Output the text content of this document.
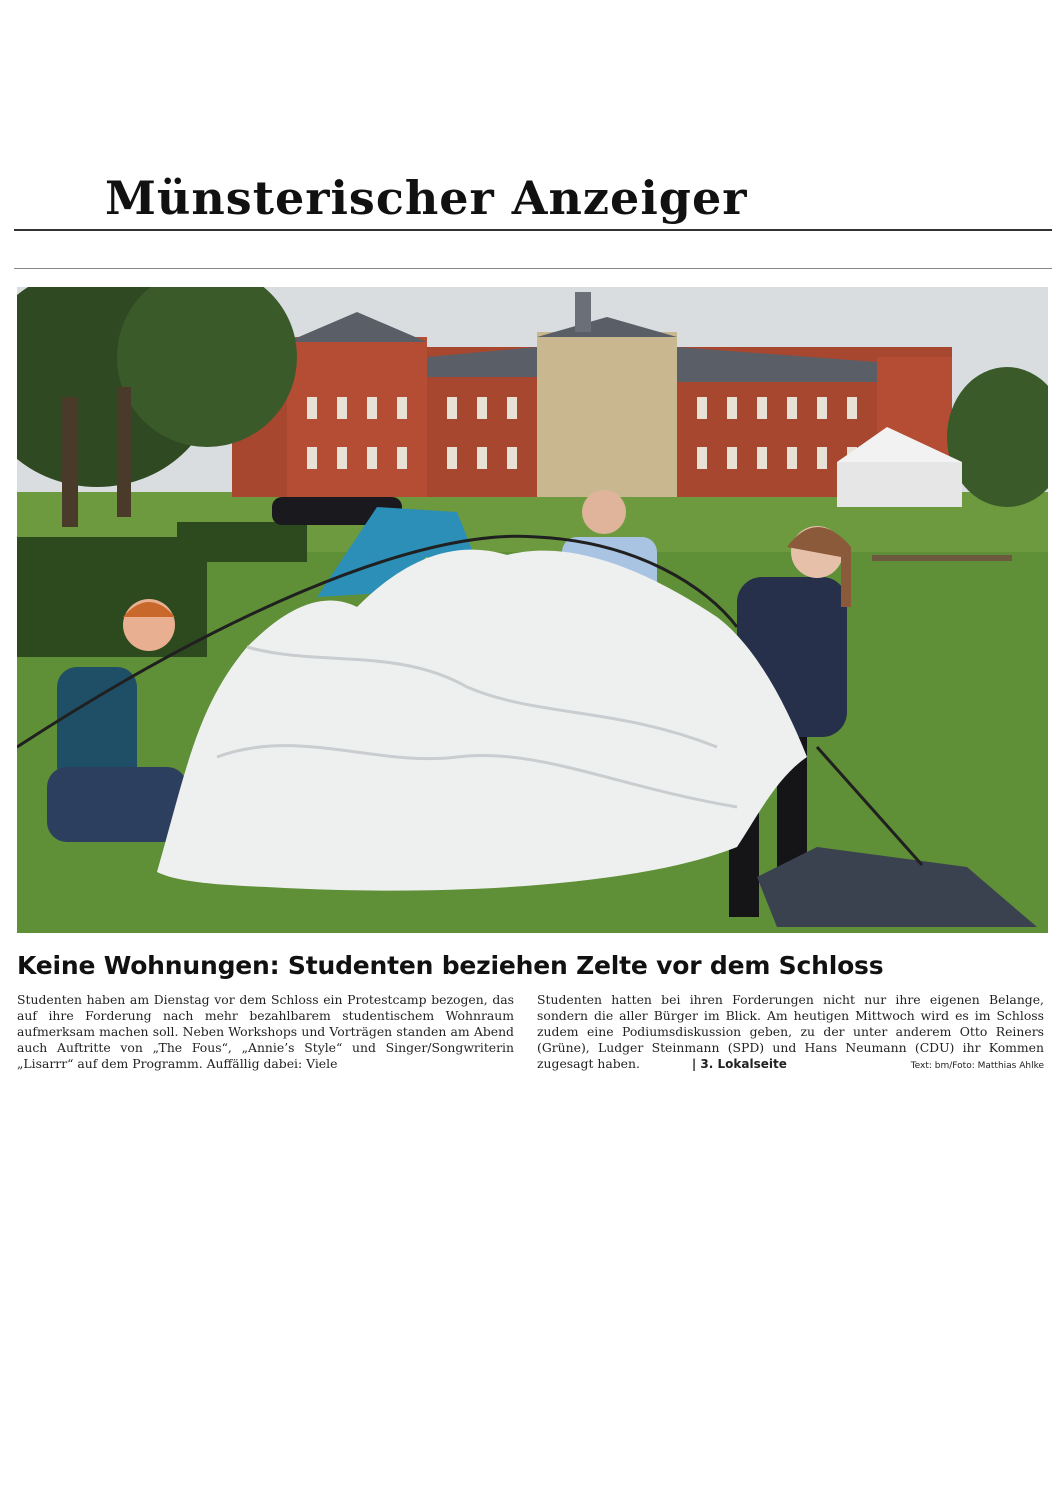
Münsterischer Anzeiger
Keine Wohnungen: Studenten beziehen Zelte vor dem Schloss

Studenten haben am Dienstag vor dem Schloss ein Protestcamp bezogen, das auf ihre Forderung nach mehr bezahlbarem studentischem Wohnraum aufmerksam machen soll. Neben Workshops und Vorträgen standen am Abend auch Auftritte von „The Fous“, „Annie’s Style“ und Singer/Songwriterin „Lisarrr“ auf dem Programm. Auffällig dabei: Viele

Studenten hatten bei ihren Forderungen nicht nur ihre eigenen Belange, sondern die aller Bürger im Blick. Am heutigen Mittwoch wird es im Schloss zudem eine Podiumsdiskussion geben, zu der unter anderem Otto Reiners (Grüne), Ludger Steinmann (SPD) und Hans Neumann (CDU) ihr Kommen zugesagt haben.	| 3. Lokalseite	Text: bm/Foto: Matthias Ahlke
